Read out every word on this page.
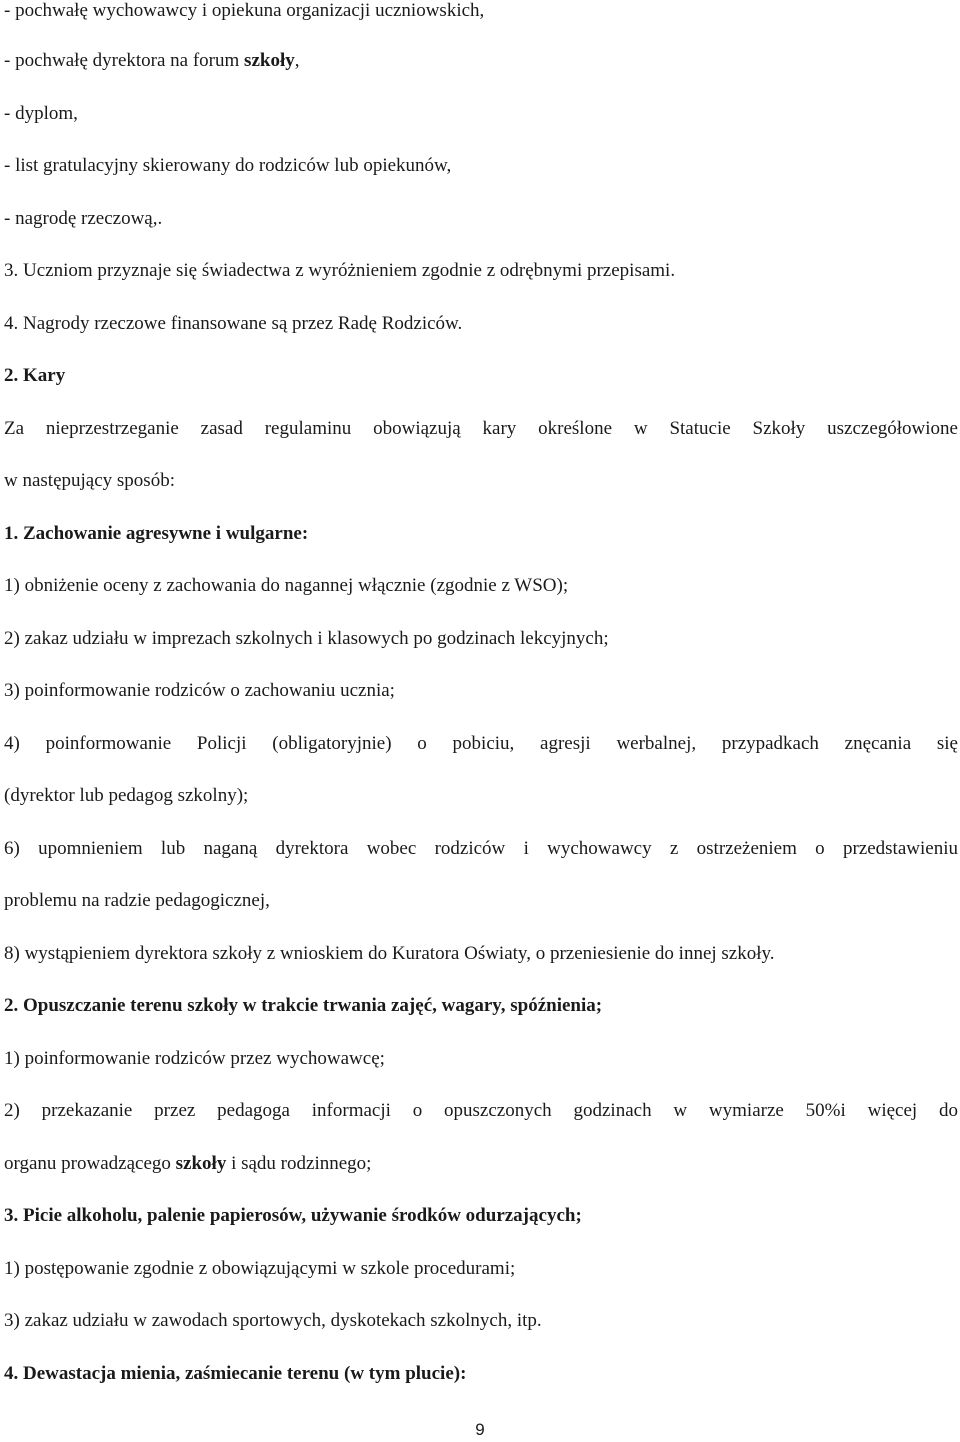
- pochwałę wychowawcy i opiekuna organizacji uczniowskich,
- pochwałę dyrektora na forum szkoły,
- dyplom,
- list gratulacyjny skierowany do rodziców lub opiekunów,
- nagrodę rzeczową,.
3. Uczniom przyznaje się świadectwa z wyróżnieniem zgodnie z odrębnymi przepisami.
4. Nagrody rzeczowe finansowane są przez Radę Rodziców.
2. Kary
Za nieprzestrzeganie zasad regulaminu obowiązują kary określone w Statucie Szkoły uszczegółowione
w następujący sposób:
1. Zachowanie agresywne i wulgarne:
1) obniżenie oceny z zachowania do nagannej włącznie (zgodnie z WSO);
2) zakaz udziału w imprezach szkolnych i klasowych po godzinach lekcyjnych;
3) poinformowanie rodziców o zachowaniu ucznia;
4) poinformowanie Policji (obligatoryjnie) o pobiciu, agresji werbalnej, przypadkach znęcania się
(dyrektor lub pedagog szkolny);
6) upomnieniem lub naganą dyrektora wobec rodziców i wychowawcy z ostrzeżeniem o przedstawieniu
problemu na radzie pedagogicznej,
8) wystąpieniem dyrektora szkoły z wnioskiem do Kuratora Oświaty, o przeniesienie do innej szkoły.
2. Opuszczanie terenu szkoły w trakcie trwania zajęć, wagary, spóźnienia;
1) poinformowanie rodziców przez wychowawcę;
2) przekazanie przez pedagoga informacji o opuszczonych godzinach w wymiarze 50%i więcej do
organu prowadzącego szkoły i sądu rodzinnego;
3. Picie alkoholu, palenie papierosów, używanie środków odurzających;
1) postępowanie zgodnie z obowiązującymi w szkole procedurami;
3) zakaz udziału w zawodach sportowych, dyskotekach szkolnych, itp.
4. Dewastacja mienia, zaśmiecanie terenu (w tym plucie):
9
